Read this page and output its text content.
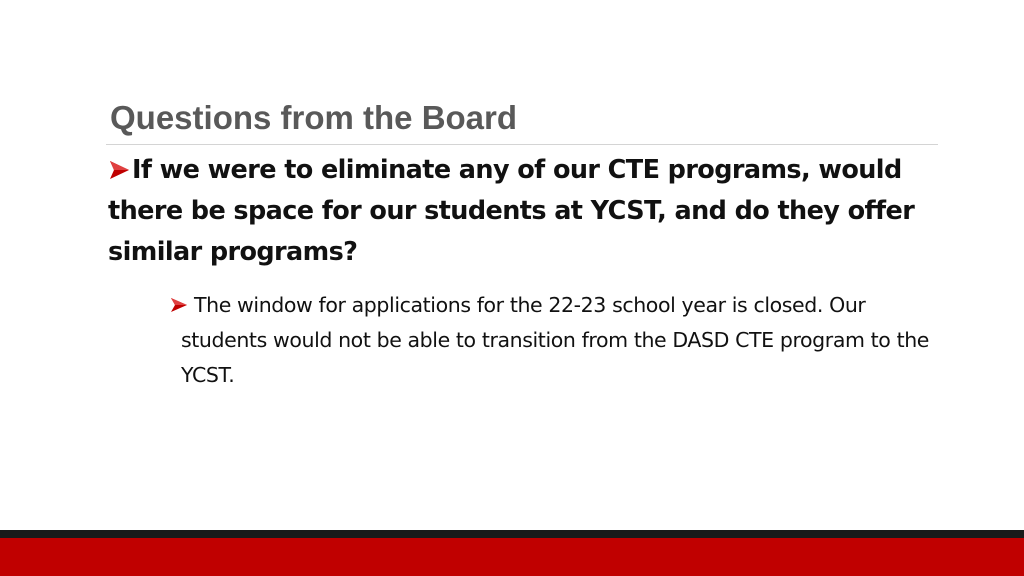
Questions from the Board

If we were to eliminate any of our CTE programs, would there be space for our students at YCST, and do they offer similar programs?

The window for applications for the 22-23 school year is closed. Our students would not be able to transition from the DASD CTE program to the YCST.
